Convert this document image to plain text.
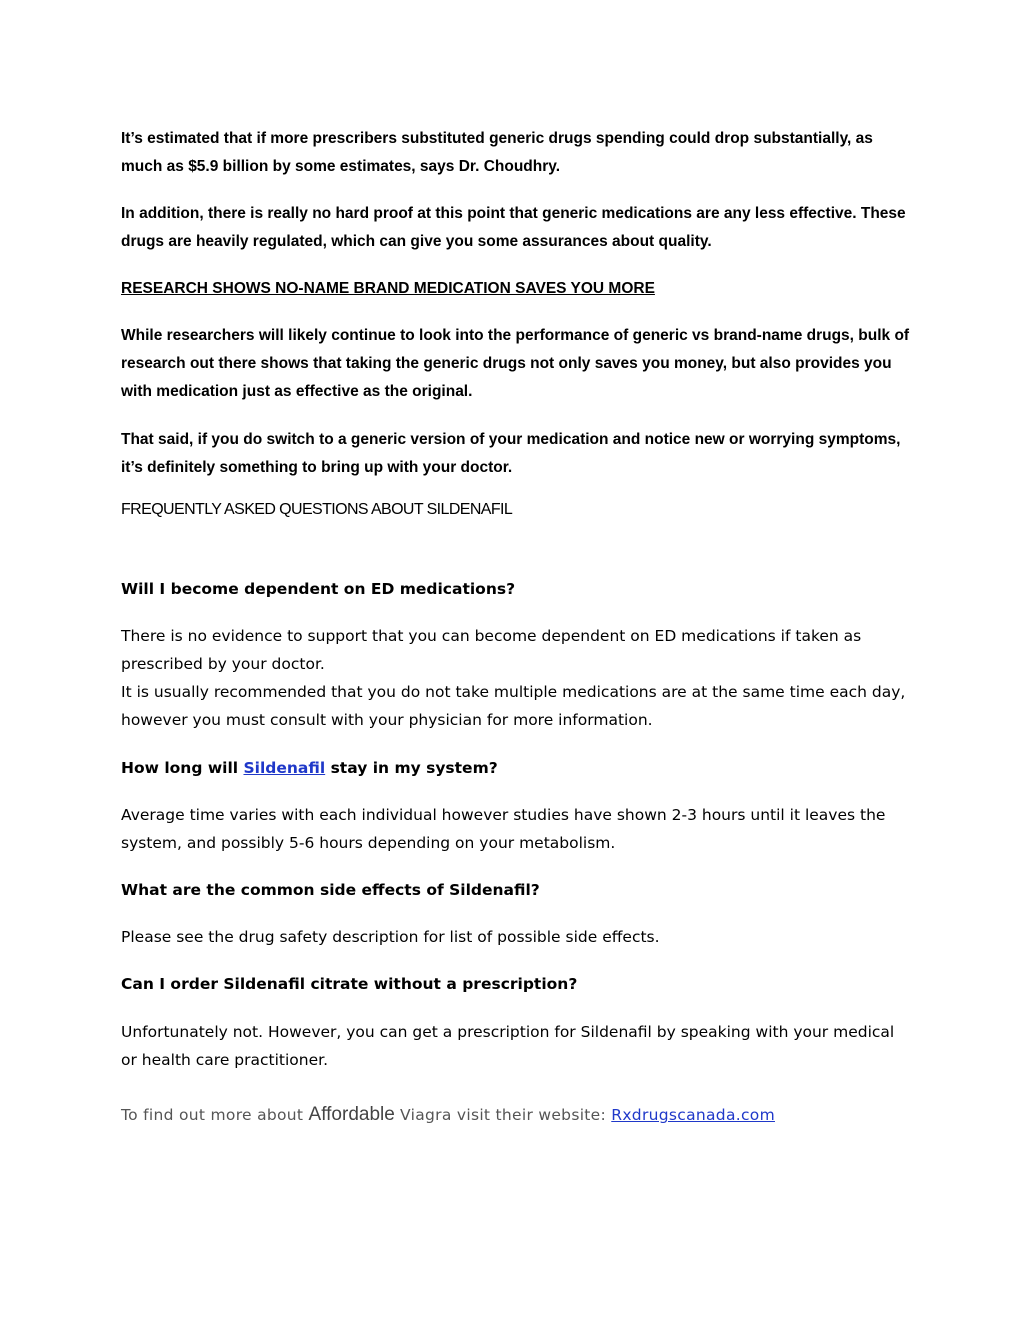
It’s estimated that if more prescribers substituted generic drugs spending could drop substantially, as much as $5.9 billion by some estimates, says Dr. Choudhry.

In addition, there is really no hard proof at this point that generic medications are any less effective. These drugs are heavily regulated, which can give you some assurances about quality.

RESEARCH SHOWS NO-NAME BRAND MEDICATION SAVES YOU MORE

While researchers will likely continue to look into the performance of generic vs brand-name drugs, bulk of research out there shows that taking the generic drugs not only saves you money, but also provides you with medication just as effective as the original.

That said, if you do switch to a generic version of your medication and notice new or worrying symptoms, it’s definitely something to bring up with your doctor.

FREQUENTLY ASKED QUESTIONS ABOUT SILDENAFIL

Will I become dependent on ED medications?

There is no evidence to support that you can become dependent on ED medications if taken as prescribed by your doctor.
It is usually recommended that you do not take multiple medications are at the same time each day, however you must consult with your physician for more information.

How long will Sildenafil stay in my system?

Average time varies with each individual however studies have shown 2-3 hours until it leaves the system, and possibly 5-6 hours depending on your metabolism.

What are the common side effects of Sildenafil?

Please see the drug safety description for list of possible side effects.

Can I order Sildenafil citrate without a prescription?

Unfortunately not. However, you can get a prescription for Sildenafil by speaking with your medical or health care practitioner.

To find out more about Affordable Viagra visit their website: Rxdrugscanada.com
